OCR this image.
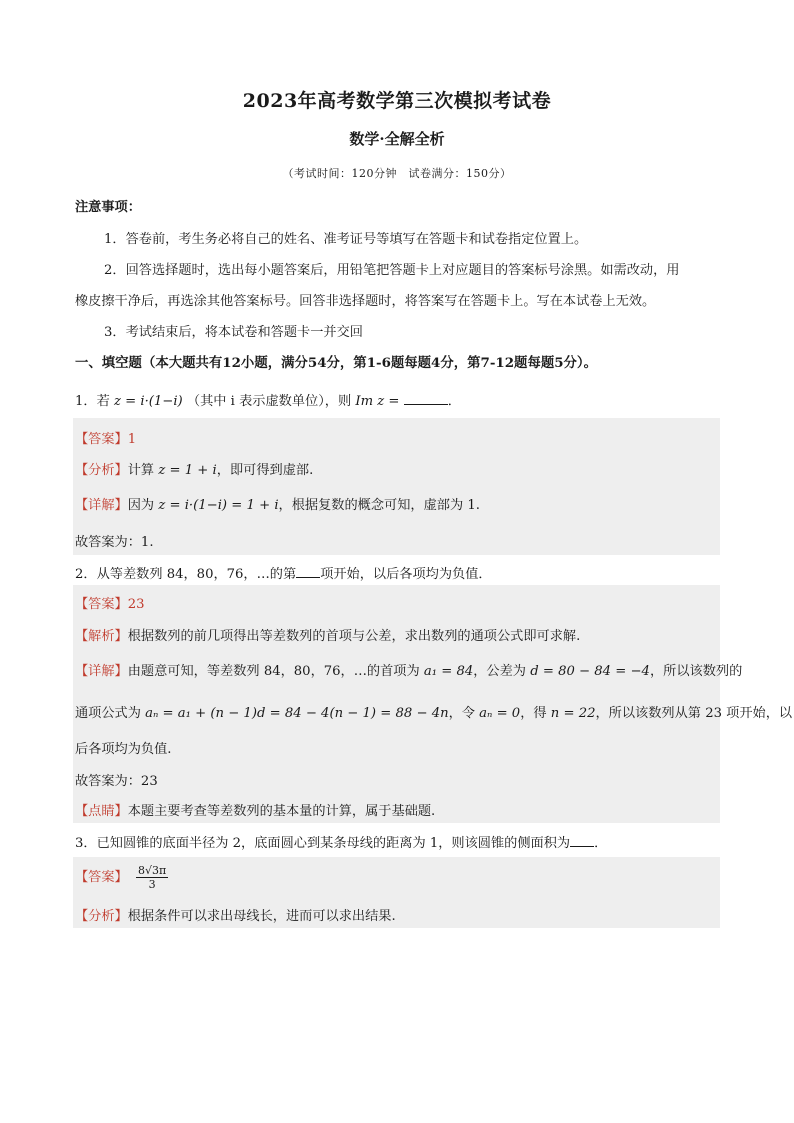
2023年高考数学第三次模拟考试卷
数学·全解全析
（考试时间：120分钟　试卷满分：150分）
注意事项：
1．答卷前，考生务必将自己的姓名、准考证号等填写在答题卡和试卷指定位置上。
2．回答选择题时，选出每小题答案后，用铅笔把答题卡上对应题目的答案标号涂黑。如需改动，用
橡皮擦干净后，再选涂其他答案标号。回答非选择题时，将答案写在答题卡上。写在本试卷上无效。
3．考试结束后，将本试卷和答题卡一并交回
一、填空题（本大题共有12小题，满分54分，第1-6题每题4分，第7-12题每题5分）。
1．若 z = i·(1−i) （其中 i 表示虚数单位），则 Im z =	．
【答案】1
【分析】计算 z = 1 + i，即可得到虚部.
【详解】因为 z = i·(1−i) = 1 + i，根据复数的概念可知，虚部为 1.
故答案为：1.
2．从等差数列 84，80，76，…的第 项开始，以后各项均为负值．
【答案】23
【解析】根据数列的前几项得出等差数列的首项与公差，求出数列的通项公式即可求解.
【详解】由题意可知，等差数列 84，80，76，…的首项为 a₁ = 84，公差为 d = 80 − 84 = −4，所以该数列的
通项公式为 aₙ = a₁ + (n − 1)d = 84 − 4(n − 1) = 88 − 4n，令 aₙ = 0，得 n = 22，所以该数列从第 23 项开始，以
后各项均为负值.
故答案为：23
【点睛】本题主要考查等差数列的基本量的计算，属于基础题.
3．已知圆锥的底面半径为 2，底面圆心到某条母线的距离为 1，则该圆锥的侧面积为 ．
【答案】 $\frac{8√3\pi}{3}$
【分析】根据条件可以求出母线长，进而可以求出结果.
